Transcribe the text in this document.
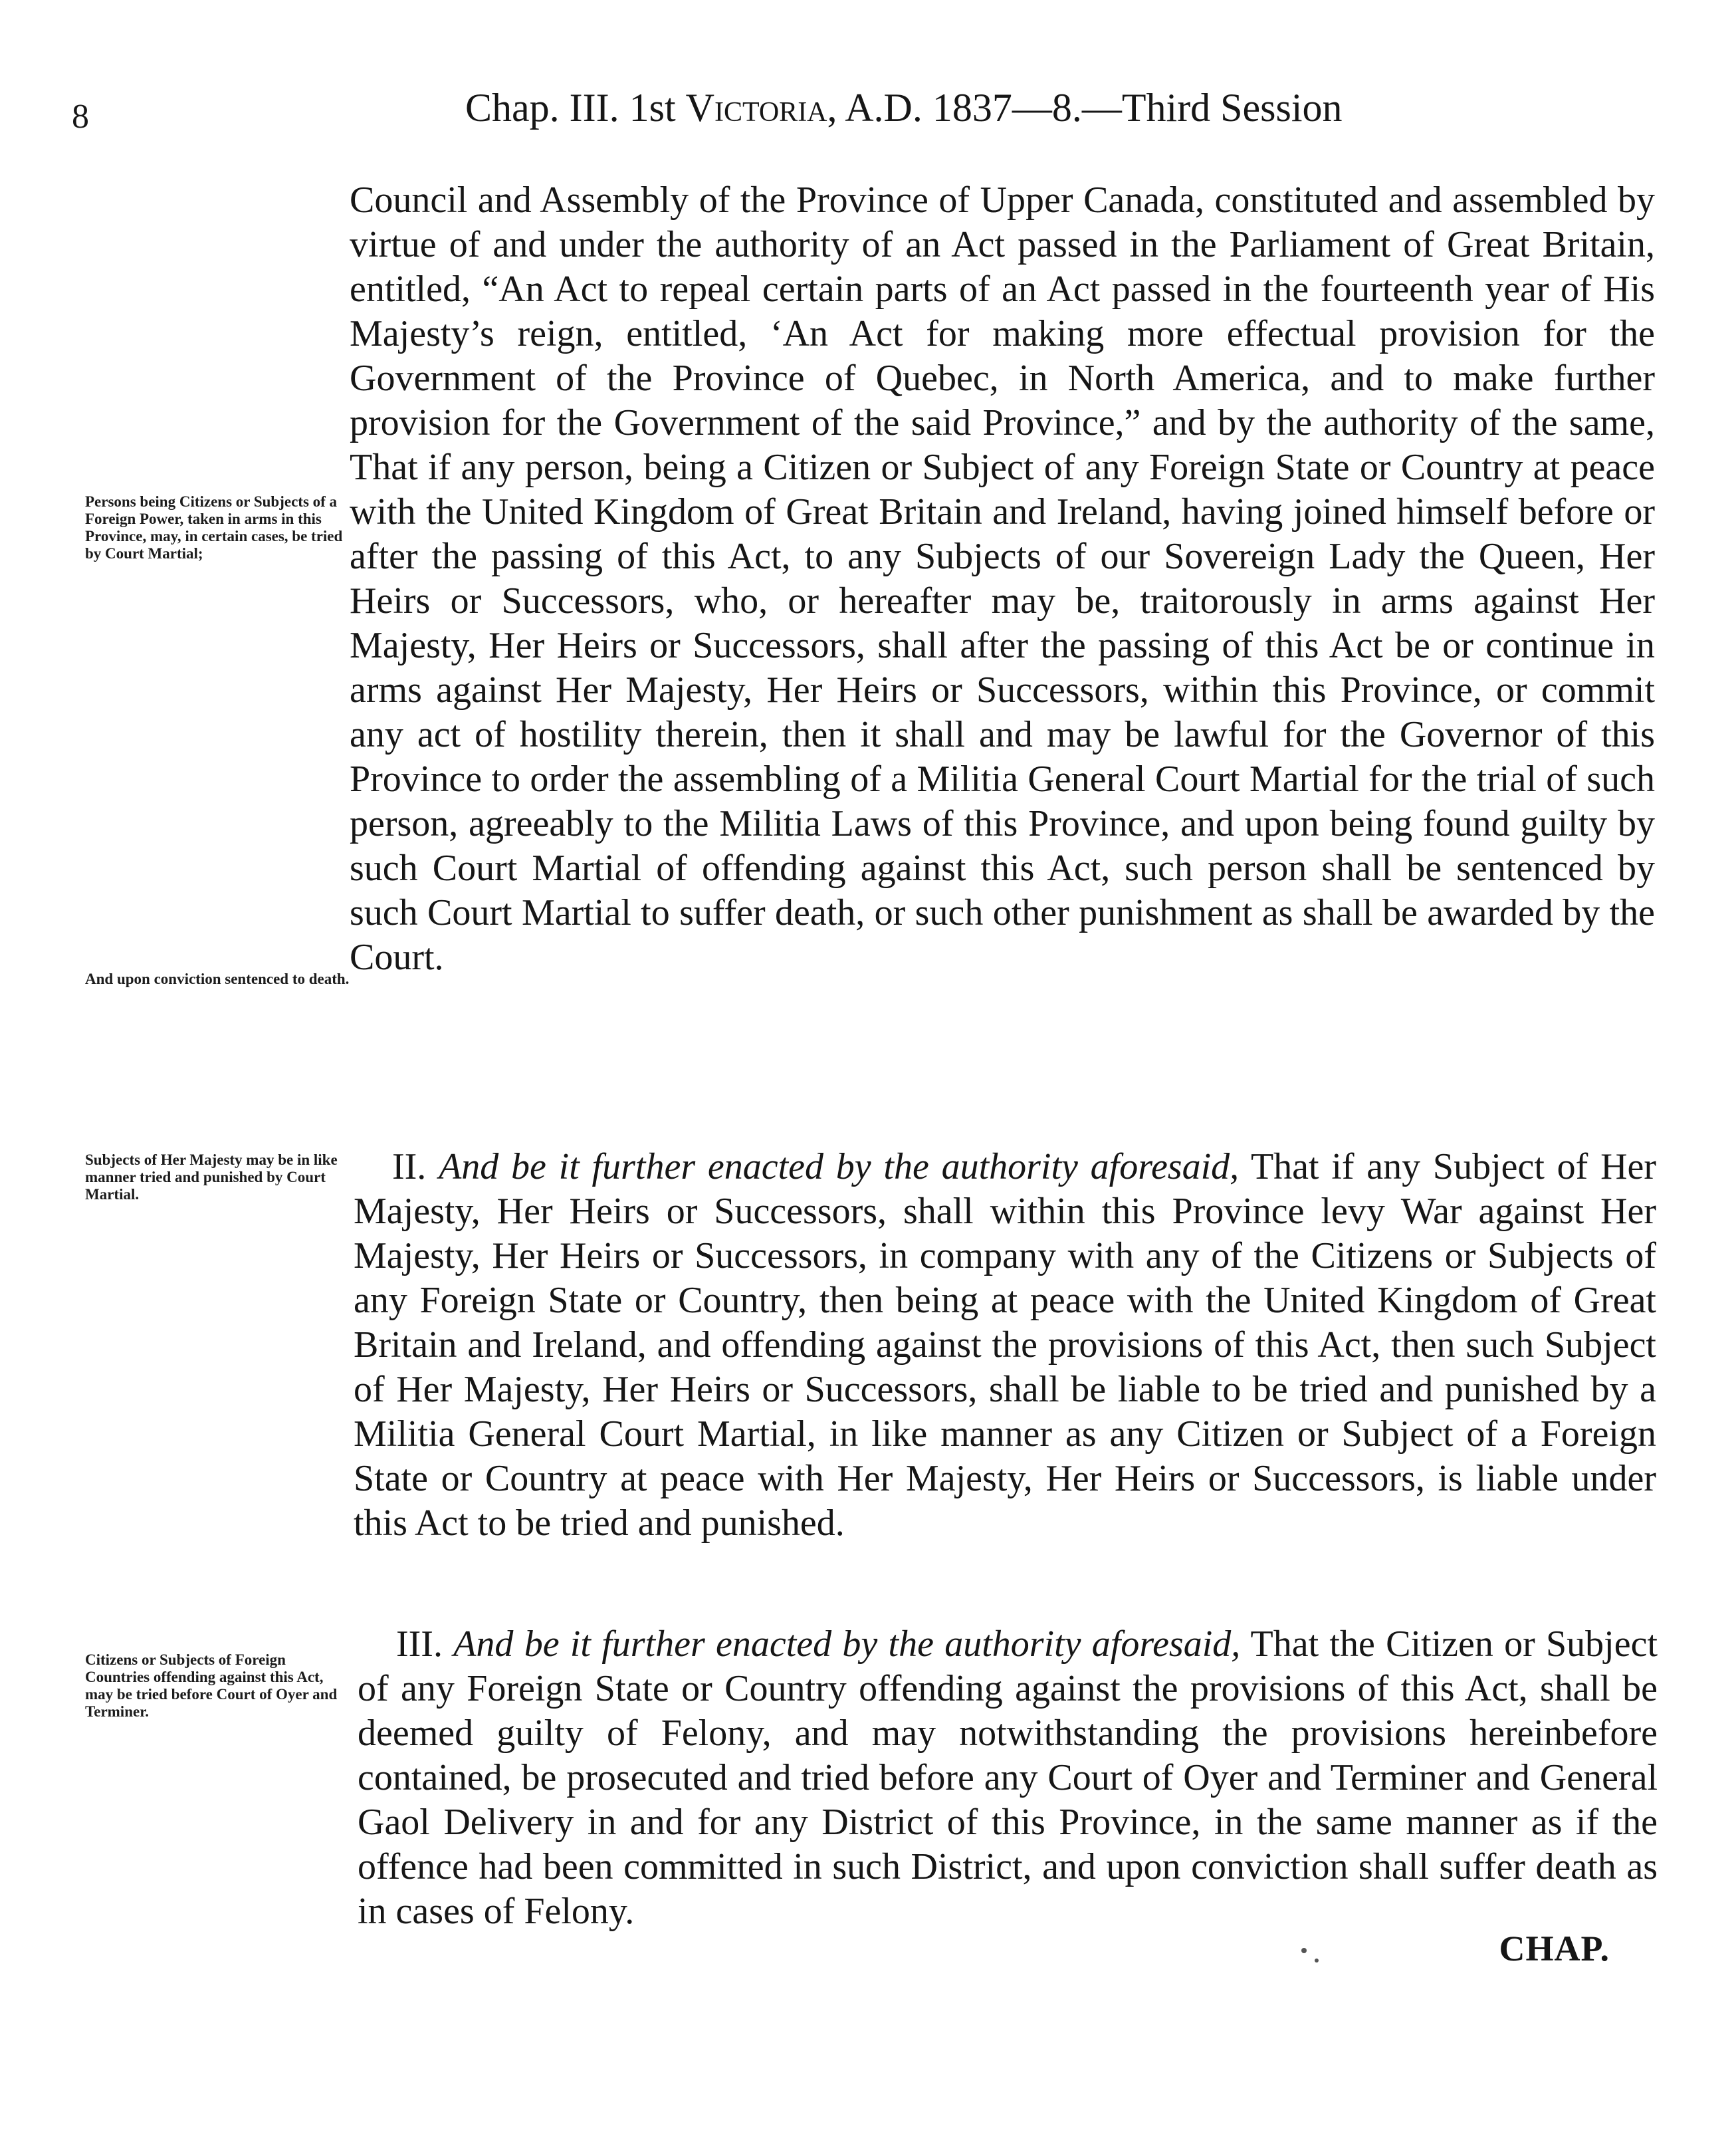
8	Chap. III. 1st Victoria, A.D. 1837—8.—Third Session
Council and Assembly of the Province of Upper Canada, constituted and assembled by virtue of and under the authority of an Act passed in the Parliament of Great Britain, entitled, “An Act to repeal certain parts of an Act passed in the fourteenth year of His Majesty’s reign, entitled, ‘An Act for making more effectual provision for the Government of the Province of Quebec, in North America, and to make further provision for the Government of the said Province,” and by the authority of the same, That if any person, being a Citizen or Subject of any Foreign State or Country at peace with the United Kingdom of Great Britain and Ireland, having joined himself before or after the passing of this Act, to any Subjects of our Sovereign Lady the Queen, Her Heirs or Successors, who, or hereafter may be, traitorously in arms against Her Majesty, Her Heirs or Successors, shall after the passing of this Act be or continue in arms against Her Majesty, Her Heirs or Successors, within this Province, or commit any act of hostility therein, then it shall and may be lawful for the Governor of this Province to order the assembling of a Militia General Court Martial for the trial of such person, agreeably to the Militia Laws of this Province, and upon being found guilty by such Court Martial of offending against this Act, such person shall be sentenced by such Court Martial to suffer death, or such other punishment as shall be awarded by the Court.
II. And be it further enacted by the authority aforesaid, That if any Subject of Her Majesty, Her Heirs or Successors, shall within this Province levy War against Her Majesty, Her Heirs or Successors, in company with any of the Citizens or Subjects of any Foreign State or Country, then being at peace with the United Kingdom of Great Britain and Ireland, and offending against the provisions of this Act, then such Subject of Her Majesty, Her Heirs or Successors, shall be liable to be tried and punished by a Militia General Court Martial, in like manner as any Citizen or Subject of a Foreign State or Country at peace with Her Majesty, Her Heirs or Successors, is liable under this Act to be tried and punished.
III. And be it further enacted by the authority aforesaid, That the Citizen or Subject of any Foreign State or Country offending against the provisions of this Act, shall be deemed guilty of Felony, and may notwithstanding the provisions hereinbefore contained, be prosecuted and tried before any Court of Oyer and Terminer and General Gaol Delivery in and for any District of this Province, in the same manner as if the offence had been committed in such District, and upon conviction shall suffer death as in cases of Felony.
Persons being Citizens or Subjects of a Foreign Power, taken in arms in this Province, may, in certain cases, be tried by Court Martial;
And upon conviction sentenced to death.
Subjects of Her Majesty may be in like manner tried and punished by Court Martial.
Citizens or Subjects of Foreign Countries offending against this Act, may be tried before Court of Oyer and Terminer.
CHAP.
